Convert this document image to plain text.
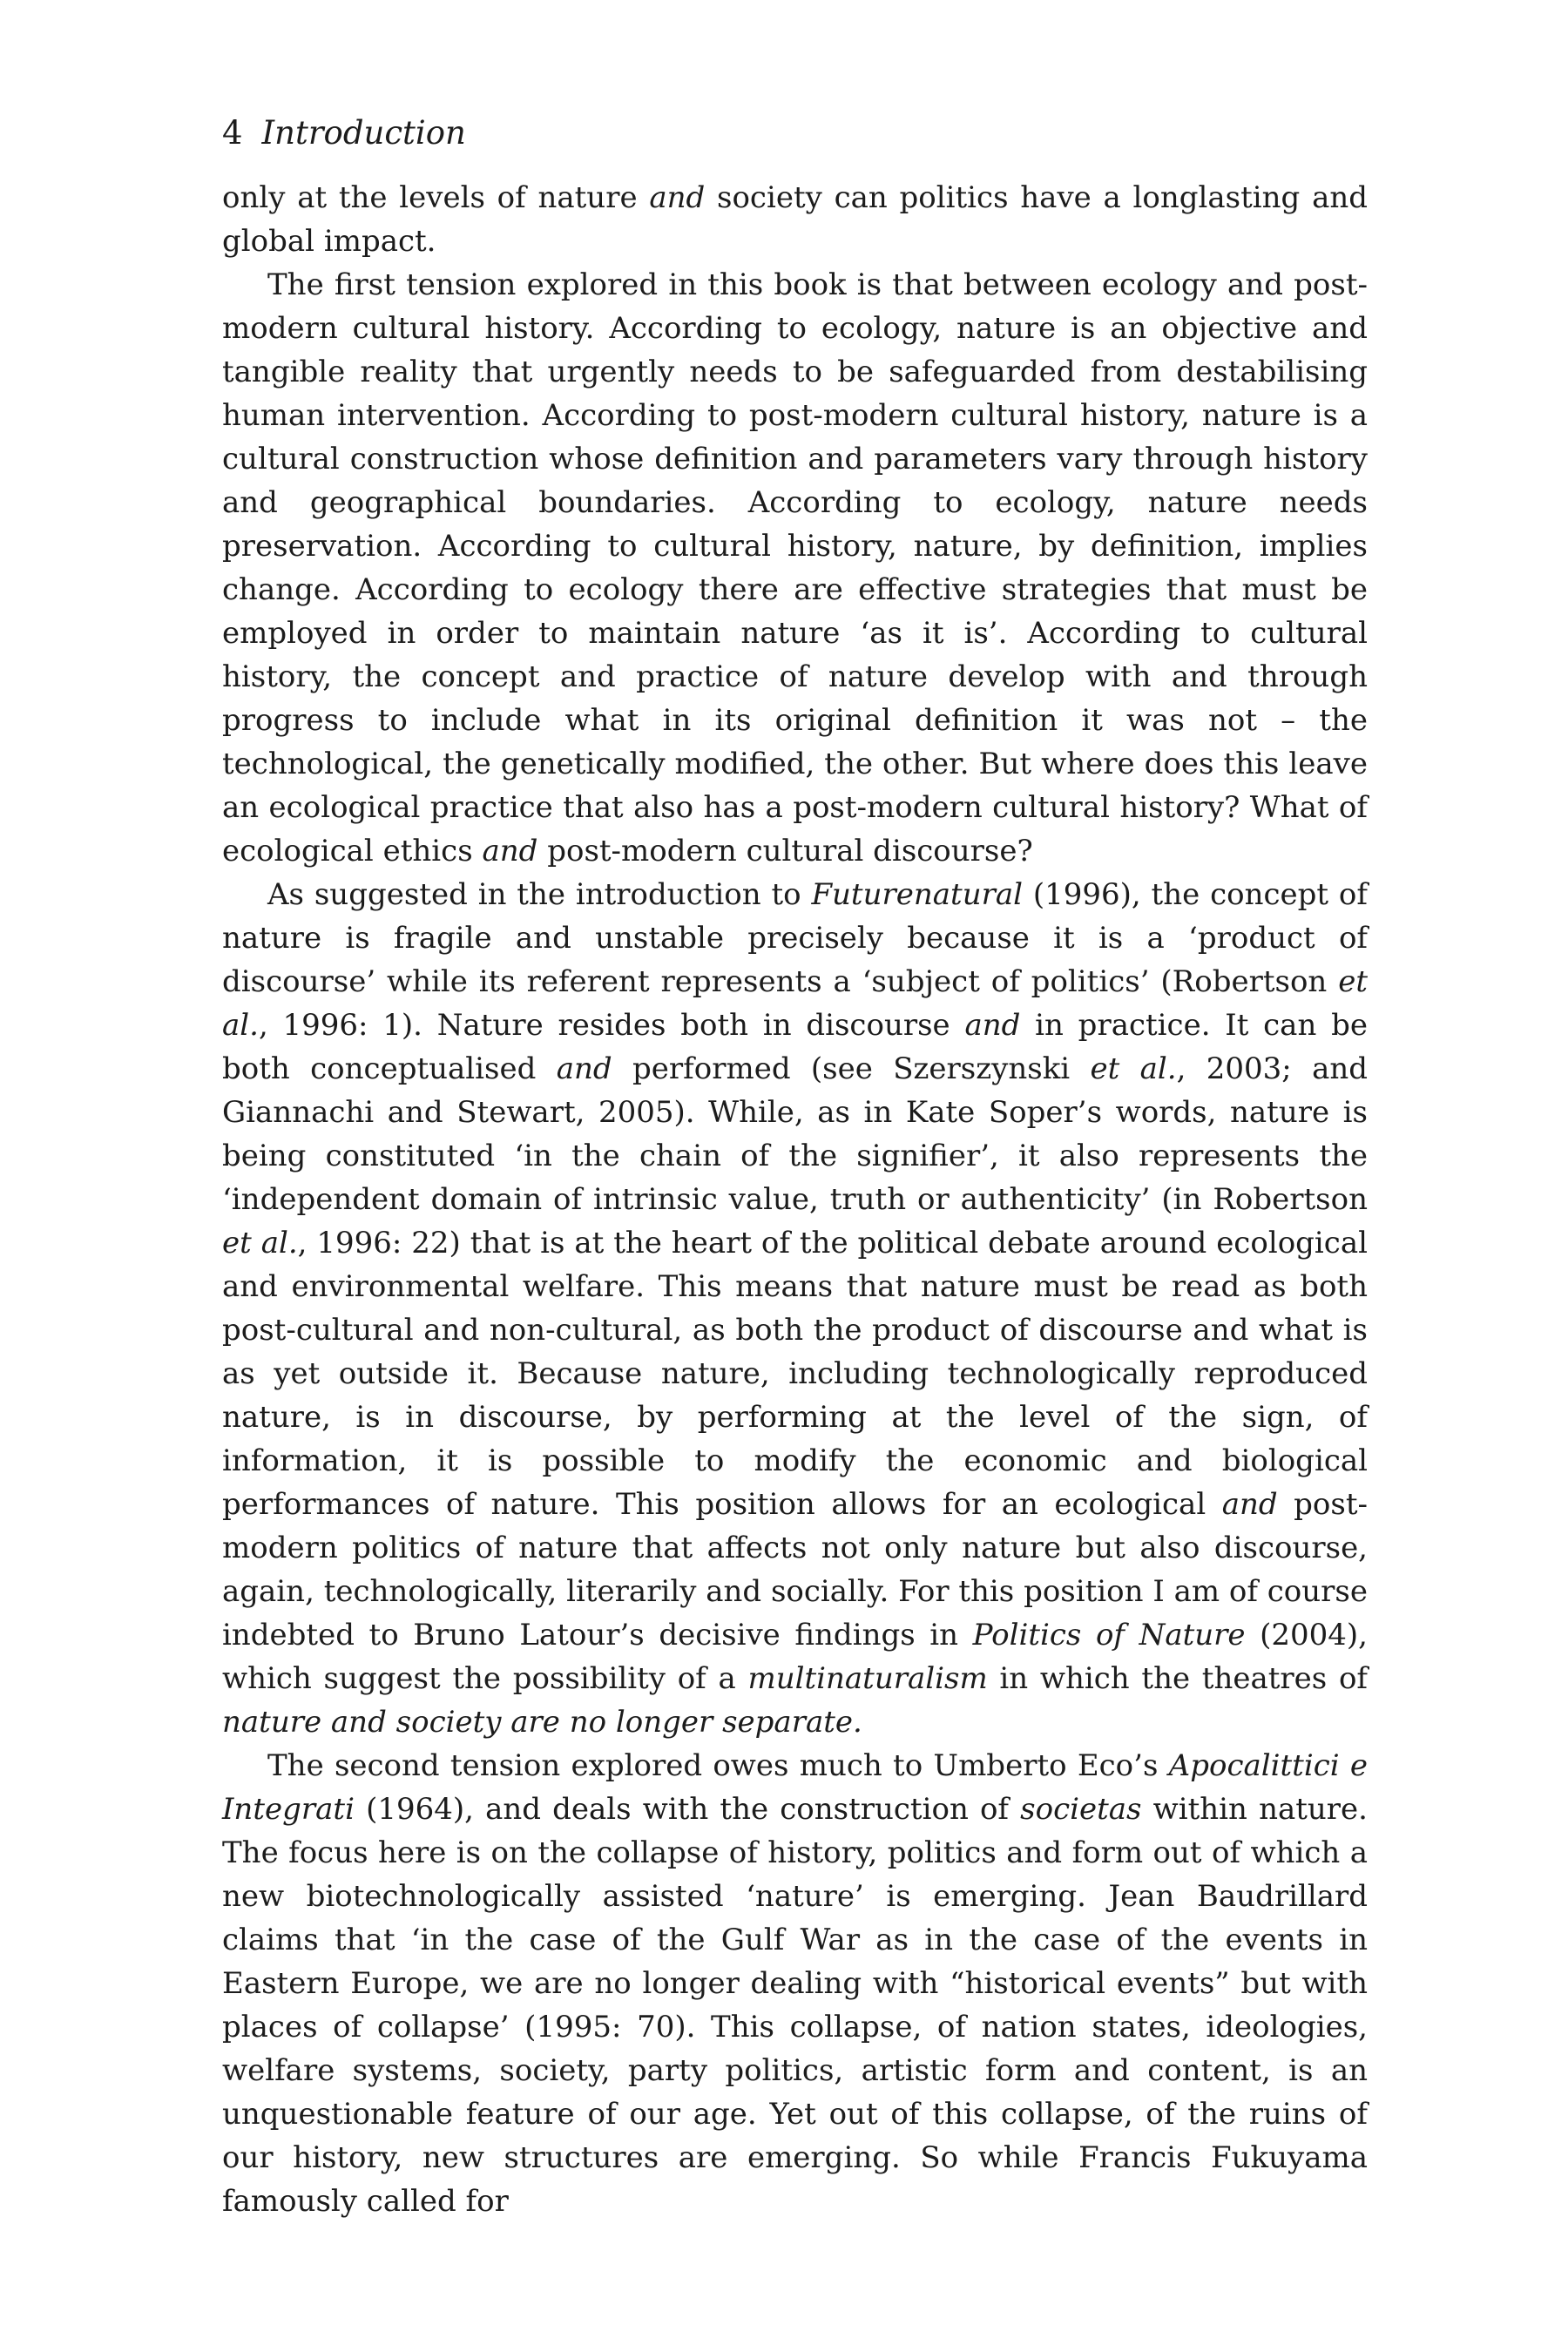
4 Introduction

only at the levels of nature and society can politics have a longlasting and global impact.

The first tension explored in this book is that between ecology and post-modern cultural history. According to ecology, nature is an objective and tangible reality that urgently needs to be safeguarded from destabilising human intervention. According to post-modern cultural history, nature is a cultural construction whose definition and parameters vary through history and geographical boundaries. According to ecology, nature needs preservation. According to cultural history, nature, by definition, implies change. According to ecology there are effective strategies that must be employed in order to maintain nature ‘as it is’. According to cultural history, the concept and practice of nature develop with and through progress to include what in its original definition it was not – the technological, the genetically modified, the other. But where does this leave an ecological practice that also has a post-modern cultural history? What of ecological ethics and post-modern cultural discourse?

As suggested in the introduction to Futurenatural (1996), the concept of nature is fragile and unstable precisely because it is a ‘product of discourse’ while its referent represents a ‘subject of politics’ (Robertson et al., 1996: 1). Nature resides both in discourse and in practice. It can be both conceptualised and performed (see Szerszynski et al., 2003; and Giannachi and Stewart, 2005). While, as in Kate Soper’s words, nature is being constituted ‘in the chain of the signifier’, it also represents the ‘independent domain of intrinsic value, truth or authenticity’ (in Robertson et al., 1996: 22) that is at the heart of the political debate around ecological and environmental welfare. This means that nature must be read as both post-cultural and non-cultural, as both the product of discourse and what is as yet outside it. Because nature, including technologically reproduced nature, is in discourse, by performing at the level of the sign, of information, it is possible to modify the economic and biological performances of nature. This position allows for an ecological and post-modern politics of nature that affects not only nature but also discourse, again, technologically, literarily and socially. For this position I am of course indebted to Bruno Latour’s decisive findings in Politics of Nature (2004), which suggest the possibility of a multinaturalism in which the theatres of nature and society are no longer separate.

The second tension explored owes much to Umberto Eco’s Apocalittici e Integrati (1964), and deals with the construction of societas within nature. The focus here is on the collapse of history, politics and form out of which a new biotechnologically assisted ‘nature’ is emerging. Jean Baudrillard claims that ‘in the case of the Gulf War as in the case of the events in Eastern Europe, we are no longer dealing with “historical events” but with places of collapse’ (1995: 70). This collapse, of nation states, ideologies, welfare systems, society, party politics, artistic form and content, is an unquestionable feature of our age. Yet out of this collapse, of the ruins of our history, new structures are emerging. So while Francis Fukuyama famously called for
